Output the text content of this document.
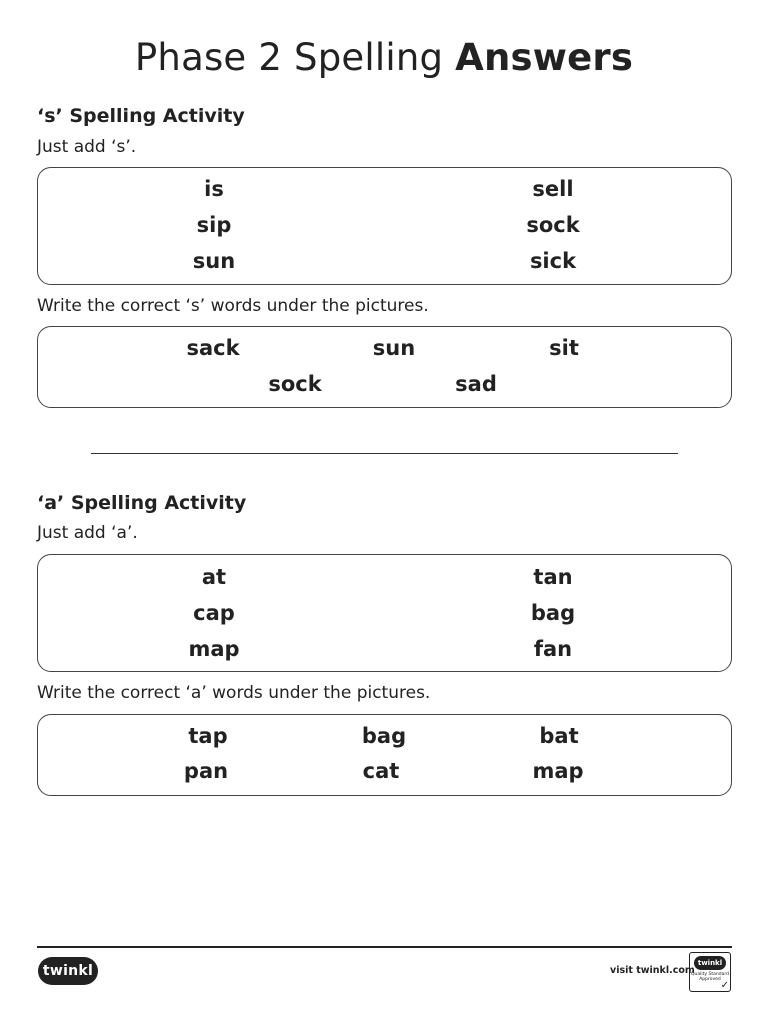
Phase 2 Spelling Answers
‘s’ Spelling Activity
Just add ‘s’.
is	sell
sip	sock
sun	sick
Write the correct ‘s’ words under the pictures.
sack	sun	sit
sock	sad
‘a’ Spelling Activity
Just add ‘a’.
at	tan
cap	bag
map	fan
Write the correct ‘a’ words under the pictures.
tap	bag	bat
pan	cat	map
twinkl	visit twinkl.com
twinkl
Quality Standard Approved
✓
